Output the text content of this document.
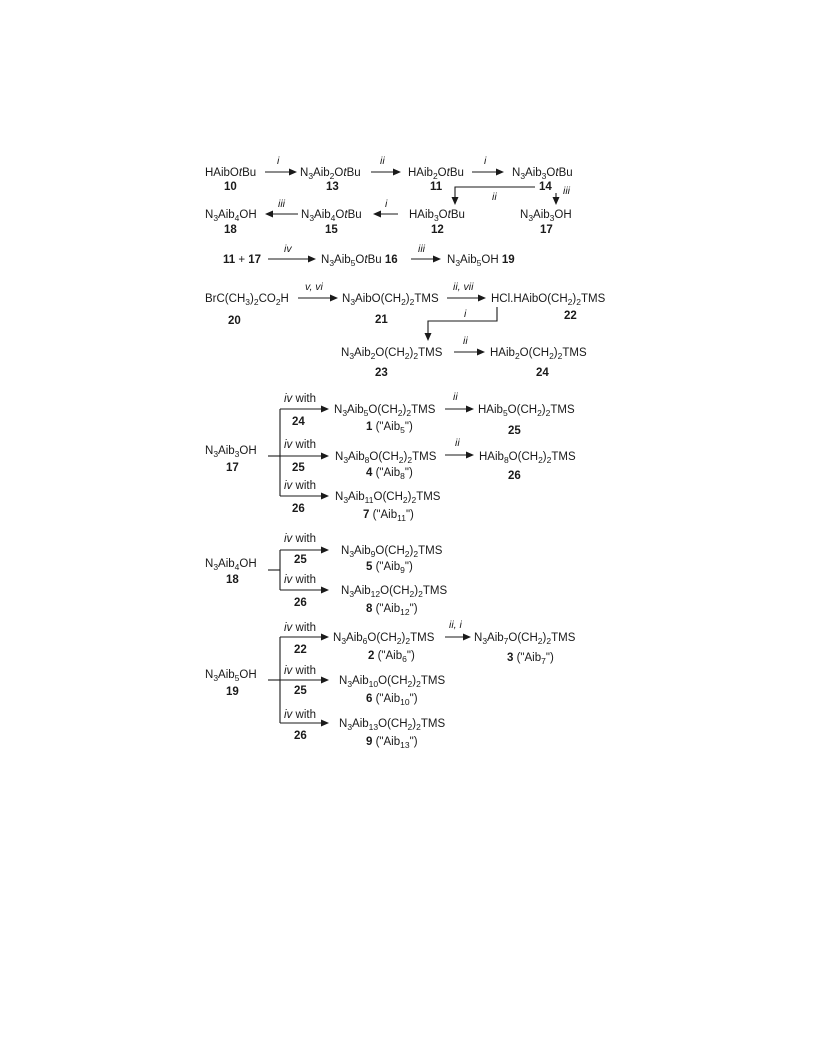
HAibOtBu
10
i
N3Aib2OtBu
13
ii
HAib2OtBu
11
i
N3Aib3OtBu
14 iii
ii
N3Aib4OH
18
iii
N3Aib4OtBu
15
i
HAib3OtBu
12
N3Aib3OH
17
11 + 17
iv
N3Aib5OtBu 16
iii
N3Aib5OH 19
BrC(CH3)2CO2H
20
v, vi
N3AibO(CH2)2TMS
21
ii, vii
HCl.HAibO(CH2)2TMS
22
i
N3Aib2O(CH2)2TMS
23
ii
HAib2O(CH2)2TMS
24
N3Aib3OH
17
iv with
24
N3Aib5O(CH2)2TMS
1 ("Aib5")
ii
HAib5O(CH2)2TMS
25
iv with
25
N3Aib8O(CH2)2TMS
4 ("Aib8")
ii
HAib8O(CH2)2TMS
26
iv with
26
N3Aib11O(CH2)2TMS
7 ("Aib11")
N3Aib4OH
18
iv with
25
N3Aib9O(CH2)2TMS
5 ("Aib9")
iv with
26
N3Aib12O(CH2)2TMS
8 ("Aib12")
N3Aib5OH
19
iv with
22
N3Aib6O(CH2)2TMS
2 ("Aib6")
ii, i
N3Aib7O(CH2)2TMS
3 ("Aib7")
iv with
25
N3Aib10O(CH2)2TMS
6 ("Aib10")
iv with
26
N3Aib13O(CH2)2TMS
9 ("Aib13")
